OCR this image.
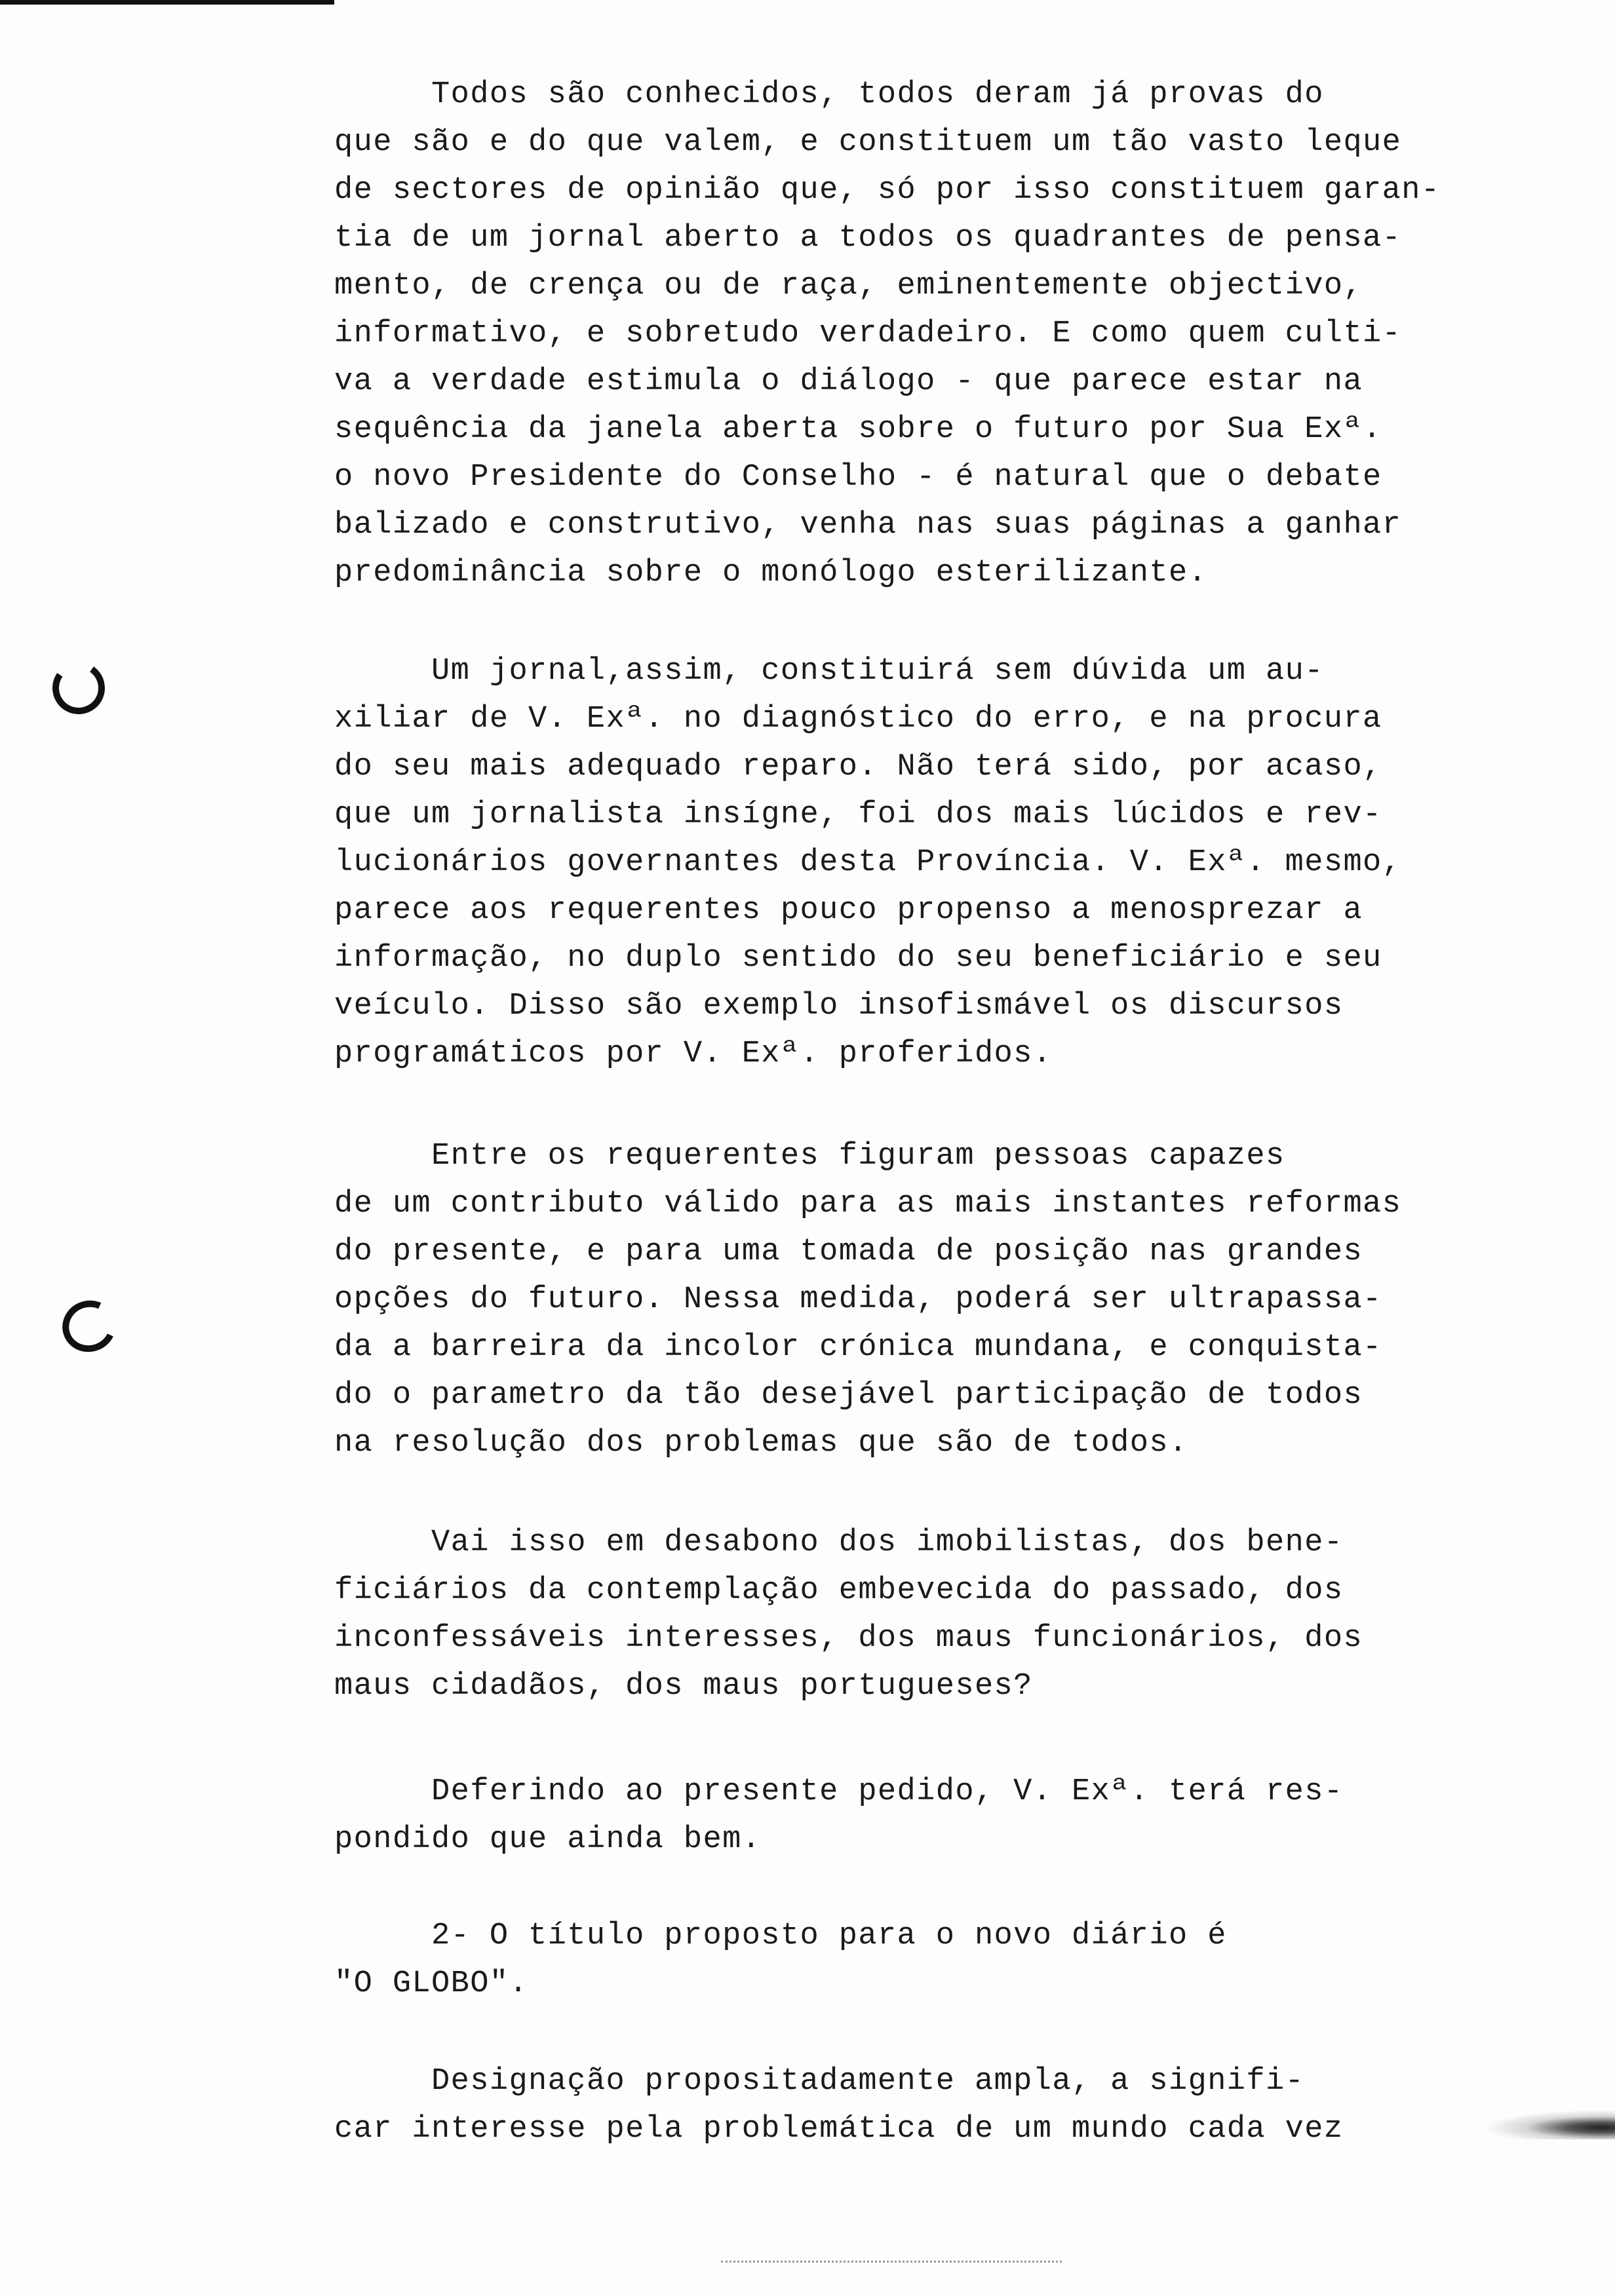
Todos são conhecidos, todos deram já provas do
que são e do que valem, e constituem um tão vasto leque
de sectores de opinião que, só por isso constituem garan-
tia de um jornal aberto a todos os quadrantes de pensa-
mento, de crença ou de raça, eminentemente objectivo,
informativo, e sobretudo verdadeiro. E como quem culti-
va a verdade estimula o diálogo - que parece estar na
sequência da janela aberta sobre o futuro por Sua Exª.
o novo Presidente do Conselho - é natural que o debate
balizado e construtivo, venha nas suas páginas a ganhar
predominância sobre o monólogo esterilizante.
Um jornal,assim, constituirá sem dúvida um au-
xiliar de V. Exª. no diagnóstico do erro, e na procura
do seu mais adequado reparo. Não terá sido, por acaso,
que um jornalista insígne, foi dos mais lúcidos e rev-
lucionários governantes desta Província. V. Exª. mesmo,
parece aos requerentes pouco propenso a menosprezar a
informação, no duplo sentido do seu beneficiário e seu
veículo. Disso são exemplo insofismável os discursos
programáticos por V. Exª. proferidos.
Entre os requerentes figuram pessoas capazes
de um contributo válido para as mais instantes reformas
do presente, e para uma tomada de posição nas grandes
opções do futuro. Nessa medida, poderá ser ultrapassa-
da a barreira da incolor crónica mundana, e conquista-
do o parametro da tão desejável participação de todos
na resolução dos problemas que são de todos.
Vai isso em desabono dos imobilistas, dos bene-
ficiários da contemplação embevecida do passado, dos
inconfessáveis interesses, dos maus funcionários, dos
maus cidadãos, dos maus portugueses?
Deferindo ao presente pedido, V. Exª. terá res-
pondido que ainda bem.
2- O título proposto para o novo diário é
"O GLOBO".
Designação propositadamente ampla, a signifi-
car interesse pela problemática de um mundo cada vez
